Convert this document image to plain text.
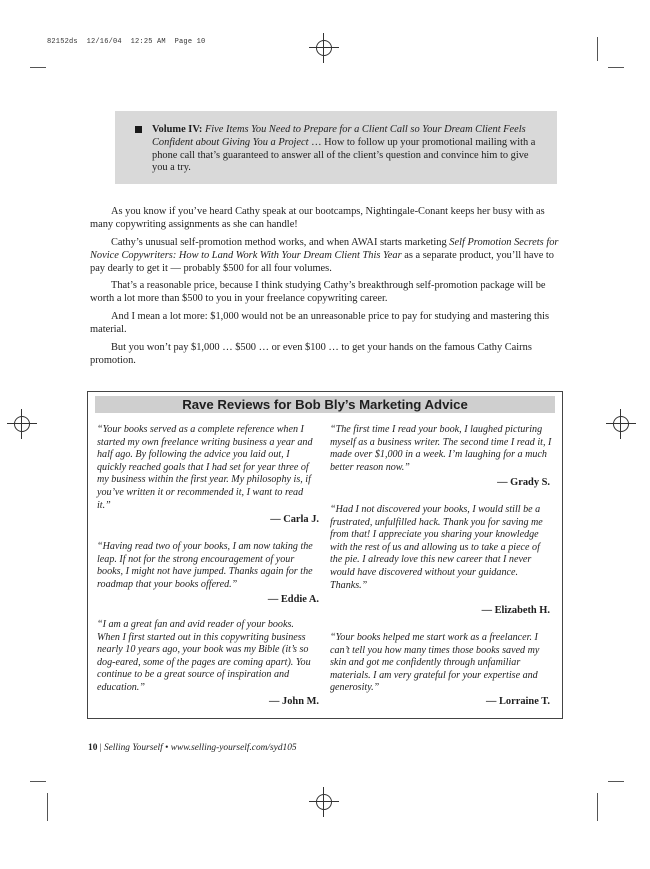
82152ds  12/16/04  12:25 AM  Page 10
Volume IV: Five Items You Need to Prepare for a Client Call so Your Dream Client Feels Confident about Giving You a Project … How to follow up your promotional mailing with a phone call that’s guaranteed to answer all of the client’s question and convince him to give you a try.

As you know if you’ve heard Cathy speak at our bootcamps, Nightingale-Conant keeps her busy with as many copywriting assignments as she can handle!

Cathy’s unusual self-promotion method works, and when AWAI starts marketing Self Promotion Secrets for Novice Copywriters: How to Land Work With Your Dream Client This Year as a separate product, you’ll have to pay dearly to get it — probably $500 for all four volumes.

That’s a reasonable price, because I think studying Cathy’s breakthrough self-promotion package will be worth a lot more than $500 to you in your freelance copywriting career.

And I mean a lot more: $1,000 would not be an unreasonable price to pay for studying and mastering this material.

But you won’t pay $1,000 … $500 … or even $100 … to get your hands on the famous Cathy Cairns promotion.

Rave Reviews for Bob Bly’s Marketing Advice
“Your books served as a complete reference when I started my own freelance writing business a year and half ago. By following the advice you laid out, I quickly reached goals that I had set for year three of my business within the first year. My philosophy is, if you’ve written it or recommended it, I want to read it.”
— Carla J.
“Having read two of your books, I am now taking the leap. If not for the strong encouragement of your books, I might not have jumped. Thanks again for the roadmap that your books offered.”
— Eddie A.
“I am a great fan and avid reader of your books. When I first started out in this copywriting business nearly 10 years ago, your book was my Bible (it’s so dog-eared, some of the pages are coming apart). You continue to be a great source of inspiration and education.”
— John M.
“The first time I read your book, I laughed picturing myself as a business writer. The second time I read it, I made over $1,000 in a week. I’m laughing for a much better reason now.”
— Grady S.
“Had I not discovered your books, I would still be a frustrated, unfulfilled hack. Thank you for saving me from that! I appreciate you sharing your knowledge with the rest of us and allowing us to take a piece of the pie. I already love this new career that I never would have discovered without your guidance. Thanks.”
— Elizabeth H.
“Your books helped me start work as a freelancer. I can’t tell you how many times those books saved my skin and got me confidently through unfamiliar materials. I am very grateful for your expertise and generosity.”
— Lorraine T.
10 | Selling Yourself • www.selling-yourself.com/syd105
